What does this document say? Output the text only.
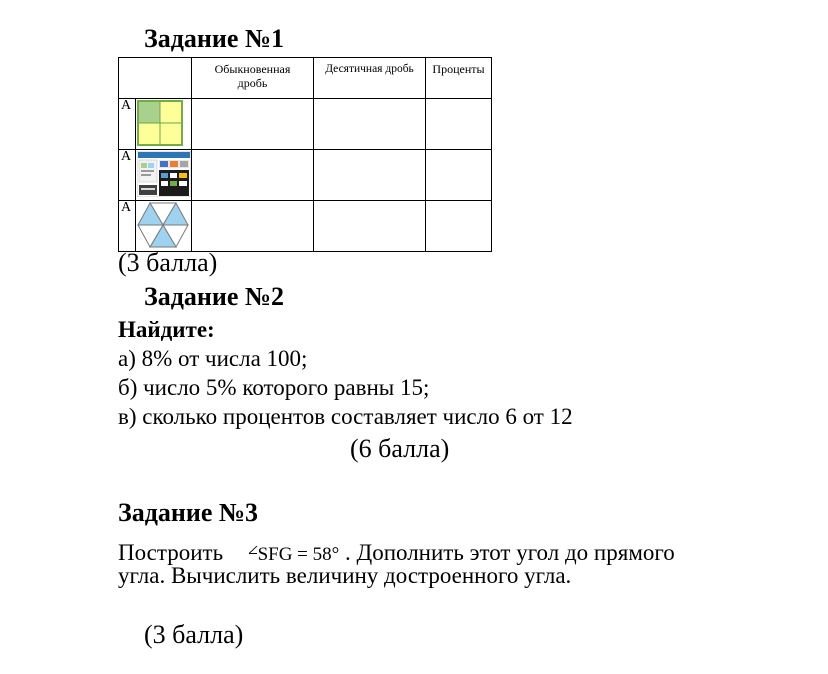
Задание №1
		Обыкновенная дробь	Десятичная дробь	Проценты
А				
А				
А				
(3 балла)
Задание №2
Найдите:
а) 8% от числа 100;
б) число 5% которого равны 15;
в) сколько процентов составляет число 6 от 12
(6 балла)
Задание №3
Построить SFG = 58° . Дополнить этот угол до прямого
угла. Вычислить величину достроенного угла.
(3 балла)
